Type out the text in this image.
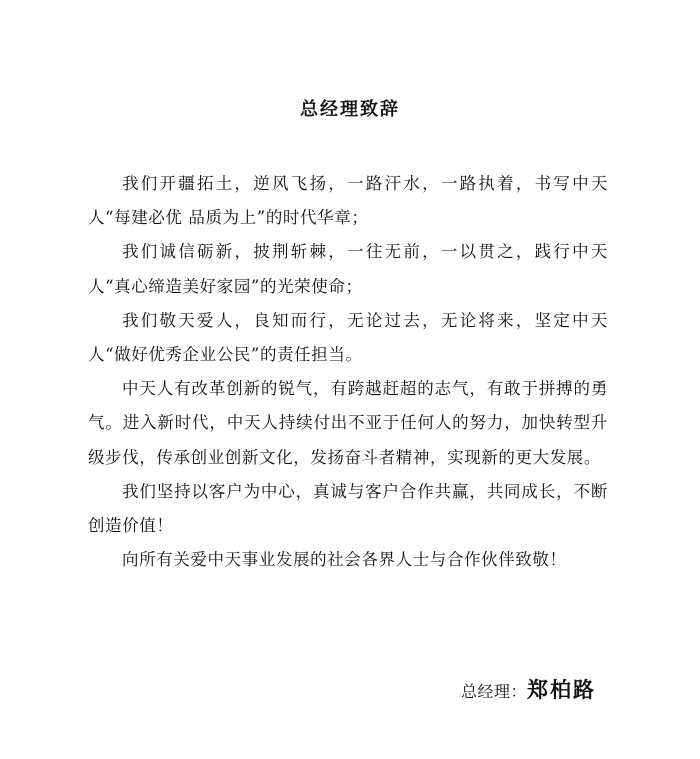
总经理致辞

我们开疆拓土，逆风飞扬，一路汗水，一路执着，书写中天人“每建必优 品质为上”的时代华章；

我们诚信砺新，披荆斩棘，一往无前，一以贯之，践行中天人“真心缔造美好家园”的光荣使命；

我们敬天爱人，良知而行，无论过去，无论将来，坚定中天人“做好优秀企业公民”的责任担当。

中天人有改革创新的锐气，有跨越赶超的志气，有敢于拼搏的勇气。进入新时代，中天人持续付出不亚于任何人的努力，加快转型升级步伐，传承创业创新文化，发扬奋斗者精神，实现新的更大发展。

我们坚持以客户为中心，真诚与客户合作共赢，共同成长，不断创造价值！

向所有关爱中天事业发展的社会各界人士与合作伙伴致敬！

总经理：郑柏路
